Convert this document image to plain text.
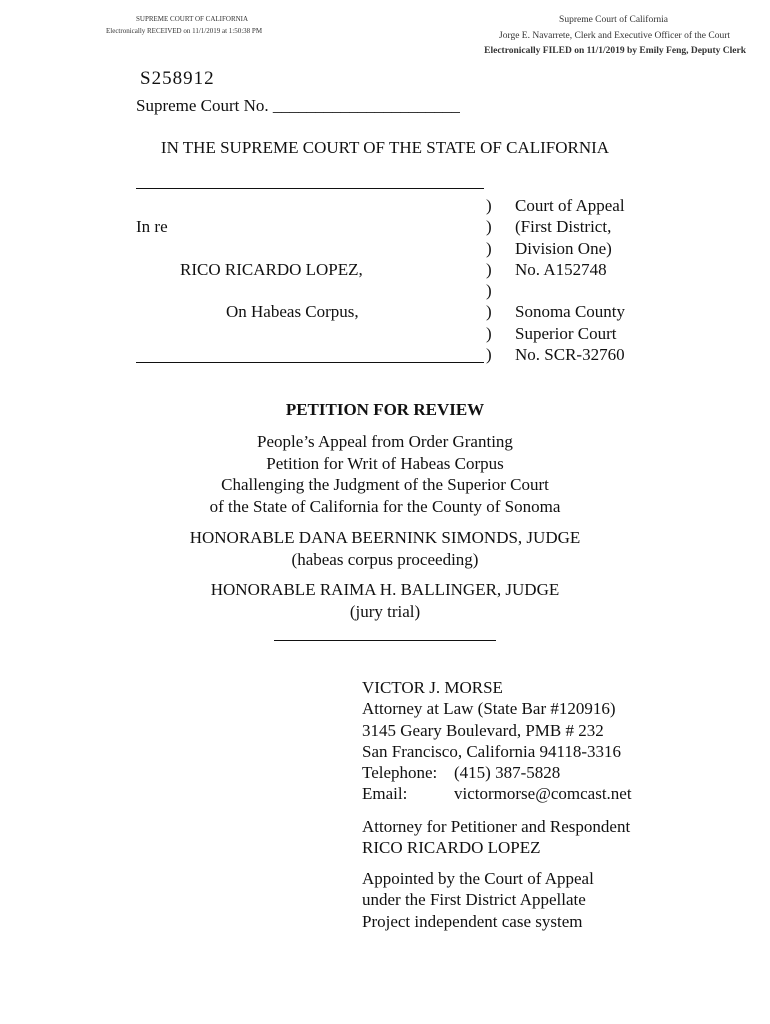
SUPREME COURT OF CALIFORNIA
Electronically RECEIVED on 11/1/2019 at 1:50:38 PM
Supreme Court of California
Jorge E. Navarrete, Clerk and Executive Officer of the Court
Electronically FILED on 11/1/2019 by Emily Feng, Deputy Clerk
S258912
Supreme Court No. ______________________
IN THE SUPREME COURT OF THE STATE OF CALIFORNIA
In re
RICO RICARDO LOPEZ,
On Habeas Corpus,
)
)
)
)
)
)
)
)
Court of Appeal
(First District,
Division One)
No. A152748
Sonoma County
Superior Court
No. SCR-32760
PETITION FOR REVIEW
People’s Appeal from Order Granting
Petition for Writ of Habeas Corpus
Challenging the Judgment of the Superior Court
of the State of California for the County of Sonoma
HONORABLE DANA BEERNINK SIMONDS, JUDGE
(habeas corpus proceeding)
HONORABLE RAIMA H. BALLINGER, JUDGE
(jury trial)
VICTOR J. MORSE
Attorney at Law (State Bar #120916)
3145 Geary Boulevard, PMB # 232
San Francisco, California 94118-3316
Telephone: (415) 387-5828
Email:	victormorse@comcast.net
Attorney for Petitioner and Respondent
RICO RICARDO LOPEZ
Appointed by the Court of Appeal
under the First District Appellate
Project independent case system
